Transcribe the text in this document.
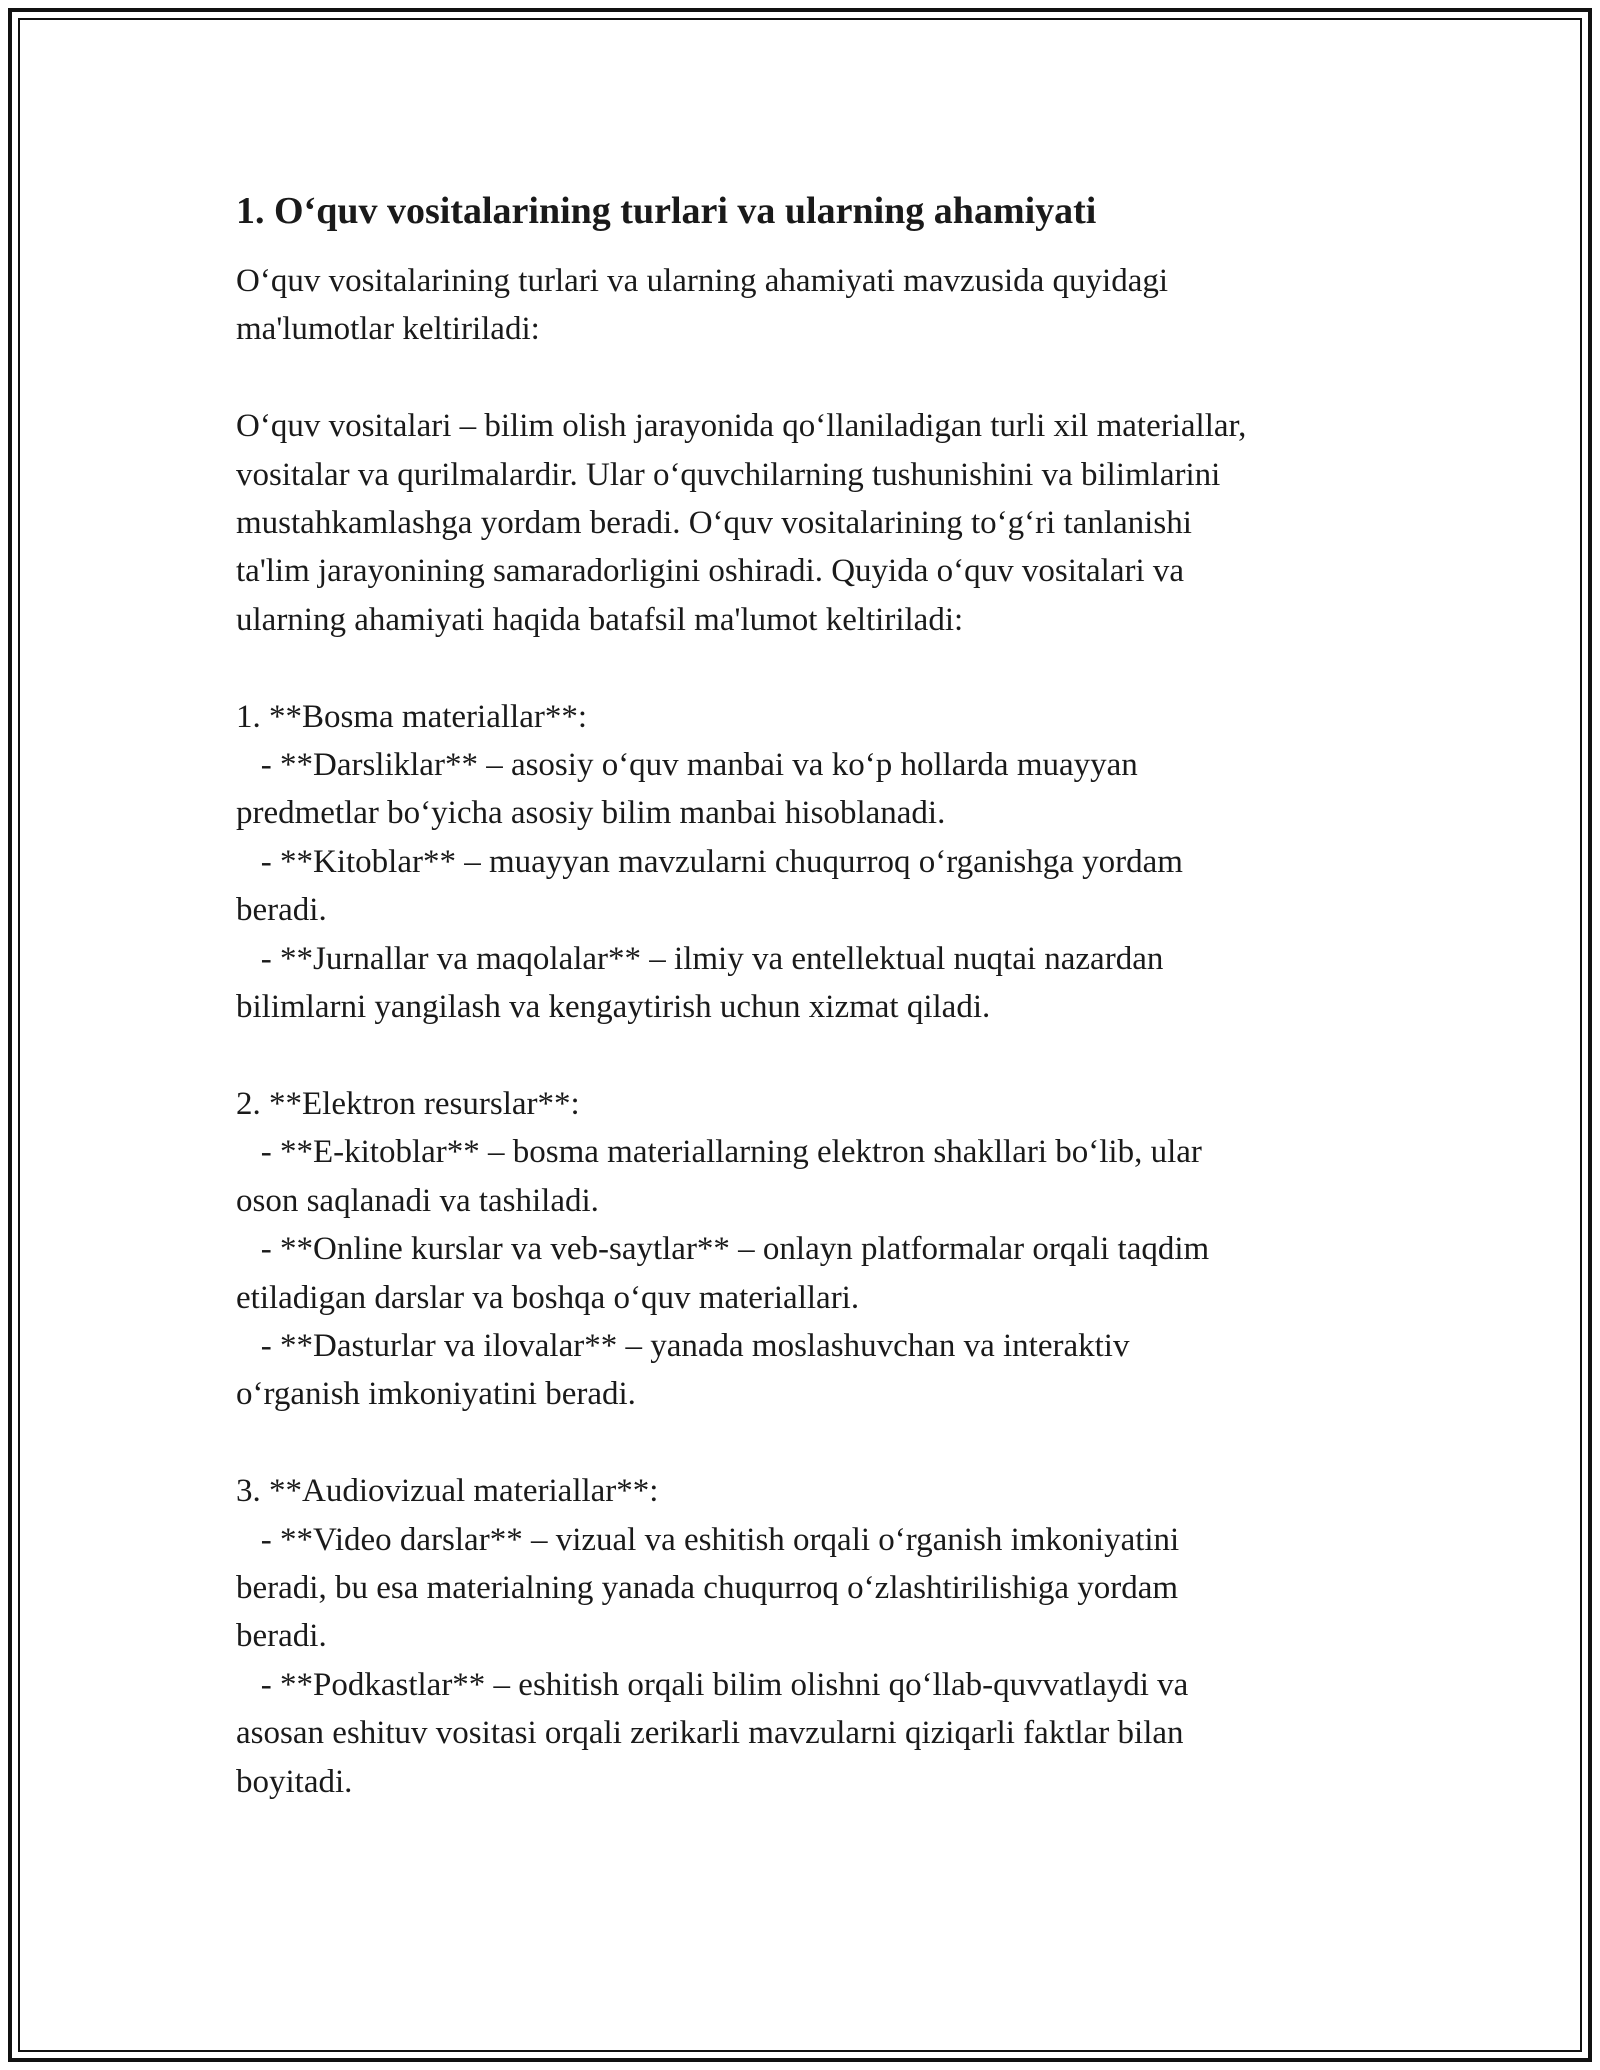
1. O‘quv vositalarining turlari va ularning ahamiyati

O‘quv vositalarining turlari va ularning ahamiyati mavzusida quyidagi
ma'lumotlar keltiriladi:

O‘quv vositalari – bilim olish jarayonida qo‘llaniladigan turli xil materiallar,
vositalar va qurilmalardir. Ular o‘quvchilarning tushunishini va bilimlarini
mustahkamlashga yordam beradi. O‘quv vositalarining to‘g‘ri tanlanishi
ta'lim jarayonining samaradorligini oshiradi. Quyida o‘quv vositalari va
ularning ahamiyati haqida batafsil ma'lumot keltiriladi:

1. **Bosma materiallar**:
- **Darsliklar** – asosiy o‘quv manbai va ko‘p hollarda muayyan
predmetlar bo‘yicha asosiy bilim manbai hisoblanadi.
- **Kitoblar** – muayyan mavzularni chuqurroq o‘rganishga yordam
beradi.
- **Jurnallar va maqolalar** – ilmiy va entellektual nuqtai nazardan
bilimlarni yangilash va kengaytirish uchun xizmat qiladi.

2. **Elektron resurslar**:
- **E-kitoblar** – bosma materiallarning elektron shakllari bo‘lib, ular
oson saqlanadi va tashiladi.
- **Online kurslar va veb-saytlar** – onlayn platformalar orqali taqdim
etiladigan darslar va boshqa o‘quv materiallari.
- **Dasturlar va ilovalar** – yanada moslashuvchan va interaktiv
o‘rganish imkoniyatini beradi.

3. **Audiovizual materiallar**:
- **Video darslar** – vizual va eshitish orqali o‘rganish imkoniyatini
beradi, bu esa materialning yanada chuqurroq o‘zlashtirilishiga yordam
beradi.
- **Podkastlar** – eshitish orqali bilim olishni qo‘llab-quvvatlaydi va
asosan eshituv vositasi orqali zerikarli mavzularni qiziqarli faktlar bilan
boyitadi.
